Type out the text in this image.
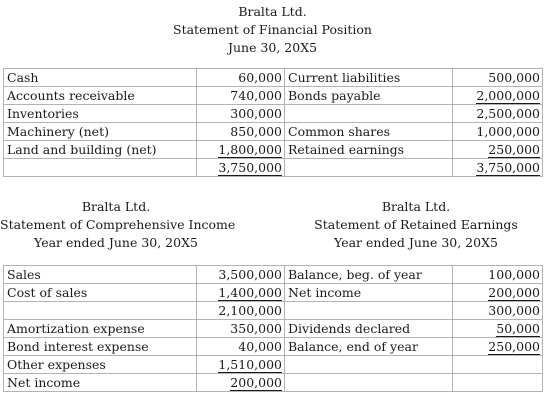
Bralta Ltd.
Statement of Financial Position
June 30, 20X5
Cash	60,000	Current liabilities	500,000
Accounts receivable	740,000	Bonds payable	2,000,000
Inventories	300,000		2,500,000
Machinery (net)	850,000	Common shares	1,000,000
Land and building (net)	1,800,000	Retained earnings	250,000
	3,750,000		3,750,000
Bralta Ltd.
Statement of Comprehensive Income
Year ended June 30, 20X5
Bralta Ltd.
Statement of Retained Earnings
Year ended June 30, 20X5
Sales	3,500,000	Balance, beg. of year	100,000
Cost of sales	1,400,000	Net income	200,000
	2,100,000		300,000
Amortization expense	350,000	Dividends declared	50,000
Bond interest expense	40,000	Balance, end of year	250,000
Other expenses	1,510,000		
Net income	200,000		
